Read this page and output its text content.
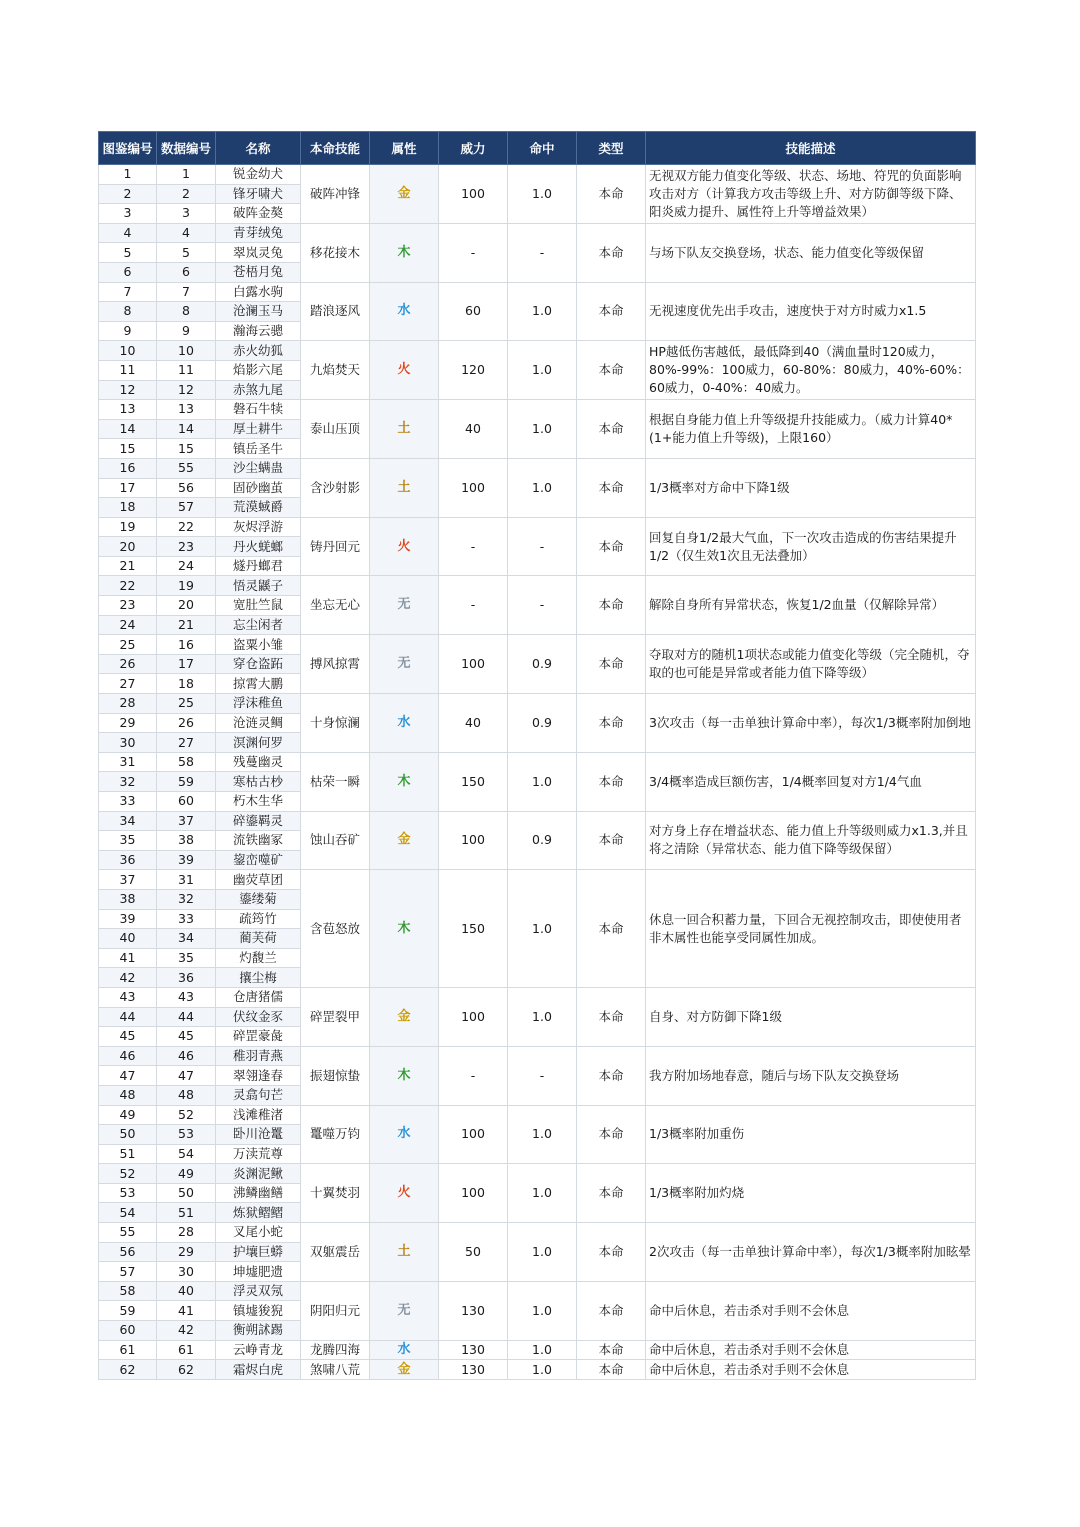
图鉴编号	数据编号	名称	本命技能	属性	威力	命中	类型	技能描述
1	1	锐金幼犬	破阵冲锋	金	100	1.0	本命	无视双方能力值变化等级、状态、场地、符咒的负面影响攻击对方（计算我方攻击等级上升、对方防御等级下降、阳炎威力提升、属性符上升等增益效果）
2	2	锋牙啸犬						
3	3	破阵金獒						
4	4	青芽绒兔	移花接木	木	-	-	本命	与场下队友交换登场，状态、能力值变化等级保留
5	5	翠岚灵兔						
6	6	苍梧月兔						
7	7	白露水驹	踏浪逐风	水	60	1.0	本命	无视速度优先出手攻击，速度快于对方时威力x1.5
8	8	沧澜玉马						
9	9	瀚海云骢						
10	10	赤火幼狐	九焰焚天	火	120	1.0	本命	HP越低伤害越低，最低降到40（满血量时120威力，80%-99%：100威力，60-80%：80威力，40%-60%：60威力，0-40%：40威力。
11	11	焰影六尾						
12	12	赤煞九尾						
13	13	磐石牛犊	泰山压顶	土	40	1.0	本命	根据自身能力值上升等级提升技能威力。（威力计算40*(1+能力值上升等级)，上限160）
14	14	厚土耕牛						
15	15	镇岳圣牛						
16	55	沙尘螨蛊	含沙射影	土	100	1.0	本命	1/3概率对方命中下降1级
17	56	固砂幽茧						
18	57	荒漠蜮爵						
19	22	灰烬浮游	铸丹回元	火	-	-	本命	回复自身1/2最大气血，下一次攻击造成的伤害结果提升1/2（仅生效1次且无法叠加）
20	23	丹火蜣螂						
21	24	燧丹螂君						
22	19	悟灵鼷子	坐忘无心	无	-	-	本命	解除自身所有异常状态，恢复1/2血量（仅解除异常）
23	20	宽肚竺鼠						
24	21	忘尘闲者						
25	16	盗粟小雏	搏风掠霄	无	100	0.9	本命	夺取对方的随机1项状态或能力值变化等级（完全随机，夺取的也可能是异常或者能力值下降等级）
26	17	穿仓盗跖						
27	18	掠霄大鹏						
28	25	浮沫稚鱼	十身惊澜	水	40	0.9	本命	3次攻击（每一击单独计算命中率），每次1/3概率附加倒地
29	26	沧涟灵鲷						
30	27	溟渊何罗						
31	58	残蔓幽灵	枯荣一瞬	木	150	1.0	本命	3/4概率造成巨额伤害，1/4概率回复对方1/4气血
32	59	寒枯古杪						
33	60	朽木生华						
34	37	碎鎏羁灵	蚀山吞矿	金	100	0.9	本命	对方身上存在增益状态、能力值上升等级则威力x1.3,并且将之清除（异常状态、能力值下降等级保留）
35	38	流铁幽冢						
36	39	鋆峦噬矿						
37	31	幽荧草团	含苞怒放	木	150	1.0	本命	休息一回合积蓄力量，下回合无视控制攻击，即使使用者非木属性也能享受同属性加成。
38	32	鎏缕菊						
39	33	疏筠竹						
40	34	蔺芙荷						
41	35	灼馥兰						
42	36	攘尘梅						
43	43	仓唐猪儒	碎罡裂甲	金	100	1.0	本命	自身、对方防御下降1级
44	44	伏纹金豕						
45	45	碎罡豪彘						
46	46	稚羽青燕	振翅惊蛰	木	-	-	本命	我方附加场地春意，随后与场下队友交换登场
47	47	翠翎逢春						
48	48	灵翕句芒						
49	52	浅滩稚渚	鼍噬万钧	水	100	1.0	本命	1/3概率附加重伤
50	53	卧川沧鼍						
51	54	万渎荒尊						
52	49	炎渊泥鳅	十翼焚羽	火	100	1.0	本命	1/3概率附加灼烧
53	50	沸鳞幽鳝						
54	51	炼狱鳛鳛						
55	28	叉尾小蛇	双躯震岳	土	50	1.0	本命	2次攻击（每一击单独计算命中率），每次1/3概率附加眩晕
56	29	护壤巨蟒						
57	30	坤墟肥遗						
58	40	浮灵双氖	阴阳归元	无	130	1.0	本命	命中后休息，若击杀对手则不会休息
59	41	镇墟狻猊						
60	42	衡朔訹踢						
61	61	云峥青龙	龙腾四海	水	130	1.0	本命	命中后休息，若击杀对手则不会休息
62	62	霜烬白虎	煞啸八荒	金	130	1.0	本命	命中后休息，若击杀对手则不会休息
